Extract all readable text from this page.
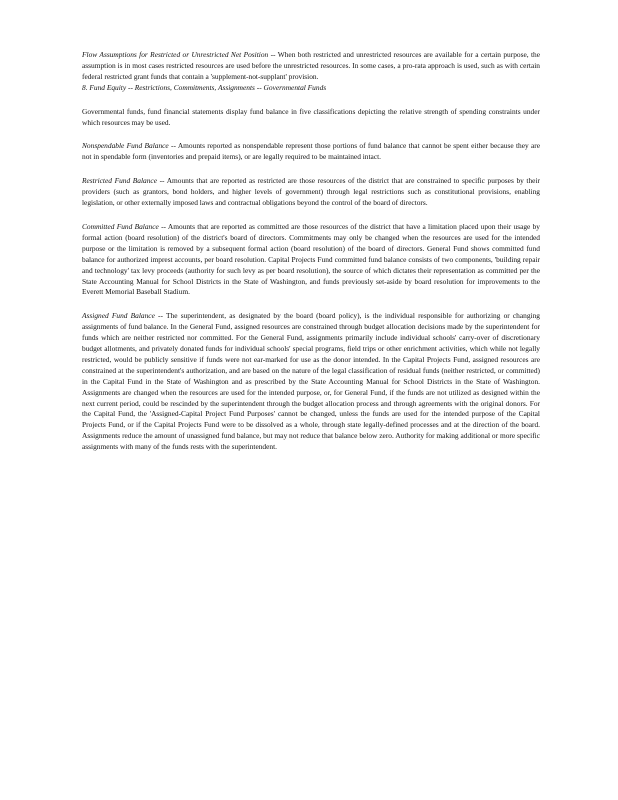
Flow Assumptions for Restricted or Unrestricted Net Position -- When both restricted and unrestricted resources are available for a certain purpose, the assumption is in most cases restricted resources are used before the unrestricted resources. In some cases, a pro-rata approach is used, such as with certain federal restricted grant funds that contain a 'supplement-not-supplant' provision.

8. Fund Equity -- Restrictions, Commitments, Assignments -- Governmental Funds

Governmental funds, fund financial statements display fund balance in five classifications depicting the relative strength of spending constraints under which resources may be used.

Nonspendable Fund Balance -- Amounts reported as nonspendable represent those portions of fund balance that cannot be spent either because they are not in spendable form (inventories and prepaid items), or are legally required to be maintained intact.

Restricted Fund Balance -- Amounts that are reported as restricted are those resources of the district that are constrained to specific purposes by their providers (such as grantors, bond holders, and higher levels of government) through legal restrictions such as constitutional provisions, enabling legislation, or other externally imposed laws and contractual obligations beyond the control of the board of directors.

Committed Fund Balance -- Amounts that are reported as committed are those resources of the district that have a limitation placed upon their usage by formal action (board resolution) of the district's board of directors. Commitments may only be changed when the resources are used for the intended purpose or the limitation is removed by a subsequent formal action (board resolution) of the board of directors. General Fund shows committed fund balance for authorized imprest accounts, per board resolution. Capital Projects Fund committed fund balance consists of two components, 'building repair and technology' tax levy proceeds (authority for such levy as per board resolution), the source of which dictates their representation as committed per the State Accounting Manual for School Districts in the State of Washington, and funds previously set-aside by board resolution for improvements to the Everett Memorial Baseball Stadium.

Assigned Fund Balance -- The superintendent, as designated by the board (board policy), is the individual responsible for authorizing or changing assignments of fund balance. In the General Fund, assigned resources are constrained through budget allocation decisions made by the superintendent for funds which are neither restricted nor committed. For the General Fund, assignments primarily include individual schools' carry-over of discretionary budget allotments, and privately donated funds for individual schools' special programs, field trips or other enrichment activities, which while not legally restricted, would be publicly sensitive if funds were not ear-marked for use as the donor intended. In the Capital Projects Fund, assigned resources are constrained at the superintendent's authorization, and are based on the nature of the legal classification of residual funds (neither restricted, or committed) in the Capital Fund in the State of Washington and as prescribed by the State Accounting Manual for School Districts in the State of Washington. Assignments are changed when the resources are used for the intended purpose, or, for General Fund, if the funds are not utilized as designed within the next current period, could be rescinded by the superintendent through the budget allocation process and through agreements with the original donors. For the Capital Fund, the 'Assigned-Capital Project Fund Purposes' cannot be changed, unless the funds are used for the intended purpose of the Capital Projects Fund, or if the Capital Projects Fund were to be dissolved as a whole, through state legally-defined processes and at the direction of the board. Assignments reduce the amount of unassigned fund balance, but may not reduce that balance below zero. Authority for making additional or more specific assignments with many of the funds rests with the superintendent.
